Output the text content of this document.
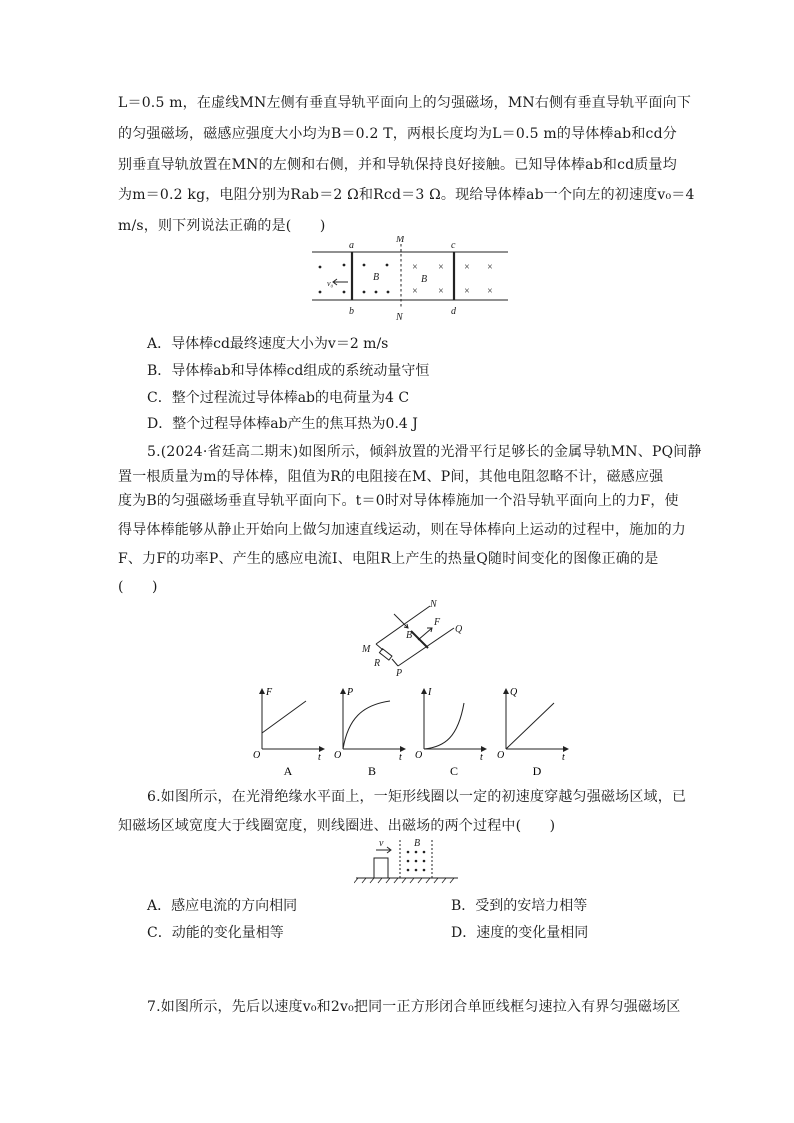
L＝0.5 m，在虚线MN左侧有垂直导轨平面向上的匀强磁场，MN右侧有垂直导轨平面向下
的匀强磁场，磁感应强度大小均为B＝0.2 T，两根长度均为L＝0.5 m的导体棒ab和cd分
别垂直导轨放置在MN的左侧和右侧，并和导轨保持良好接触。已知导体棒ab和cd质量均
为m＝0.2 kg，电阻分别为Rab＝2 Ω和Rcd＝3 Ω。现给导体棒ab一个向左的初速度v₀＝4
m/s，则下列说法正确的是(　　)
× × × ×
× × × ×
a
b
c
d
M
N
B	B
v₀
A．导体棒cd最终速度大小为v＝2 m/s
B．导体棒ab和导体棒cd组成的系统动量守恒
C．整个过程流过导体棒ab的电荷量为4 C
D．整个过程导体棒ab产生的焦耳热为0.4 J
5.(2024·省廷高二期末)如图所示，倾斜放置的光滑平行足够长的金属导轨MN、PQ间静
置一根质量为m的导体棒，阻值为R的电阻接在M、P间，其他电阻忽略不计，磁感应强
度为B的匀强磁场垂直导轨平面向下。t＝0时对导体棒施加一个沿导轨平面向上的力F，使
得导体棒能够从静止开始向上做匀加速直线运动，则在导体棒向上运动的过程中，施加的力
F、力F的功率P、产生的感应电流I、电阻R上产生的热量Q随时间变化的图像正确的是
(　　)
N
F
B
Q
M
R
P
F
t
O
A
P
t
O
B
I
t
O
C
Q
t
O
D
6.如图所示，在光滑绝缘水平面上，一矩形线圈以一定的初速度穿越匀强磁场区域，已
知磁场区域宽度大于线圈宽度，则线圈进、出磁场的两个过程中(　　)
v	B
A．感应电流的方向相同	B．受到的安培力相等
C．动能的变化量相等	D．速度的变化量相同
7.如图所示，先后以速度v₀和2v₀把同一正方形闭合单匝线框匀速拉入有界匀强磁场区
